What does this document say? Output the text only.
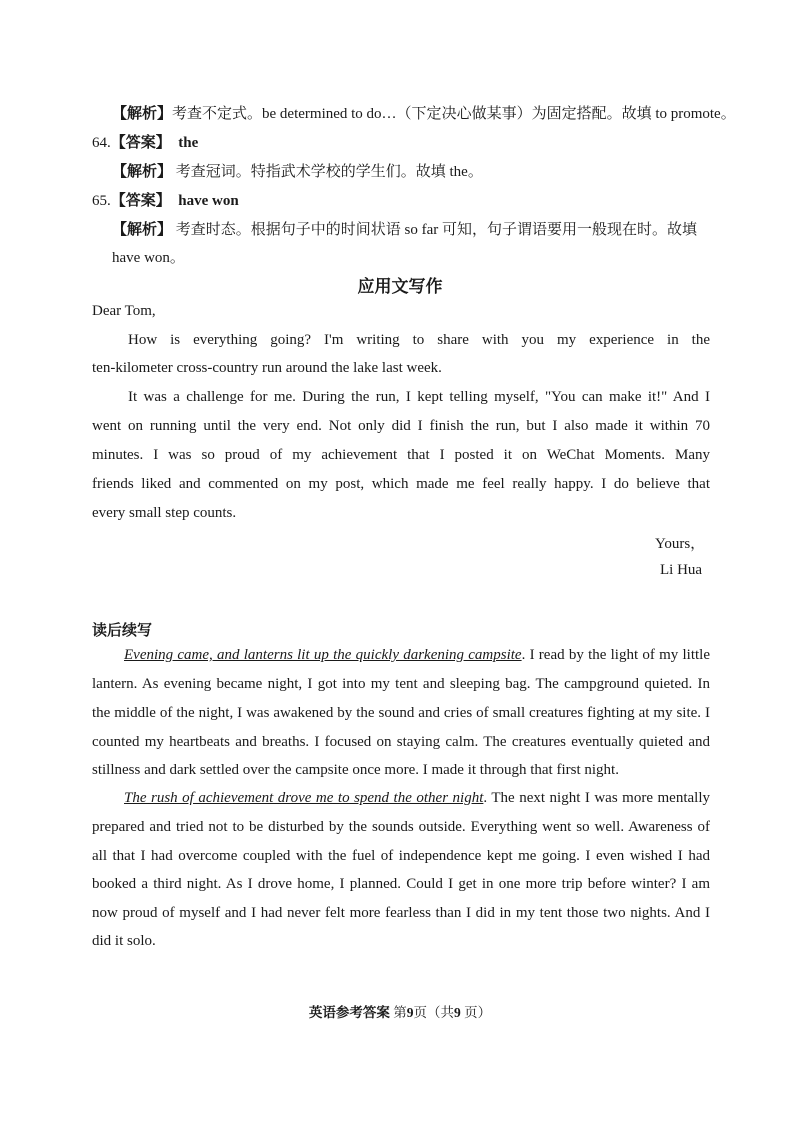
【解析】考查不定式。be determined to do…（下定决心做某事）为固定搭配。故填 to promote。
64.【答案】 the
【解析】 考查冠词。特指武术学校的学生们。故填 the。
65.【答案】 have won
【解析】 考查时态。根据句子中的时间状语 so far 可知，句子谓语要用一般现在时。故填
have won。
应用文写作
Dear Tom,
How is everything going? I'm writing to share with you my experience in the
ten-kilometer cross-country run around the lake last week.
It was a challenge for me. During the run, I kept telling myself, "You can make it!" And I
went on running until the very end. Not only did I finish the run, but I also made it within 70
minutes. I was so proud of my achievement that I posted it on WeChat Moments. Many
friends liked and commented on my post, which made me feel really happy. I do believe that
every small step counts.
Yours，
Li Hua
读后续写
Evening came, and lanterns lit up the quickly darkening campsite. I read by the light of my little
lantern. As evening became night, I got into my tent and sleeping bag. The campground quieted. In
the middle of the night, I was awakened by the sound and cries of small creatures fighting at my site. I
counted my heartbeats and breaths. I focused on staying calm. The creatures eventually quieted and
stillness and dark settled over the campsite once more. I made it through that first night.
The rush of achievement drove me to spend the other night. The next night I was more mentally
prepared and tried not to be disturbed by the sounds outside. Everything went so well. Awareness of
all that I had overcome coupled with the fuel of independence kept me going. I even wished I had
booked a third night. As I drove home, I planned. Could I get in one more trip before winter? I am
now proud of myself and I had never felt more fearless than I did in my tent those two nights. And I
did it solo.
英语参考答案 第9页（共9 页）
